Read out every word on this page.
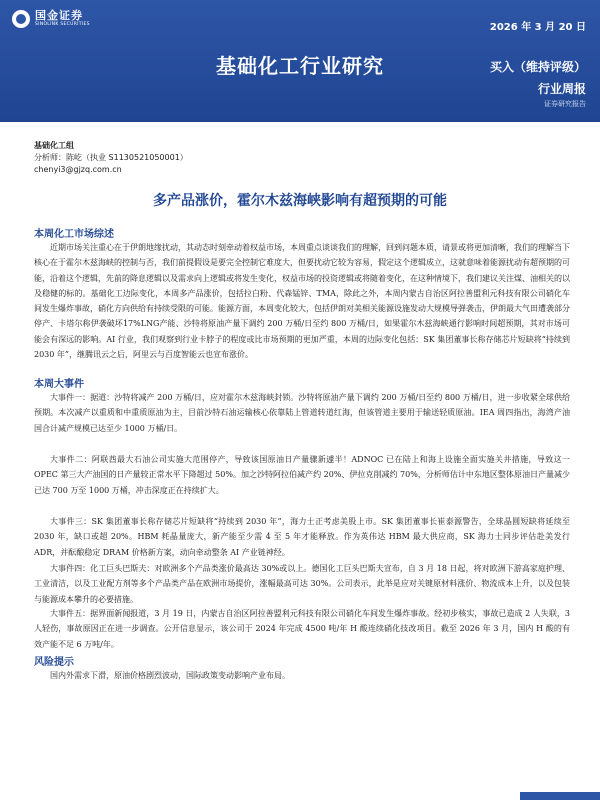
国金证券
SINOLINK SECURITIES	2026 年 3 月 20 日
基础化工行业研究	买入（维持评级）
行业周报
证券研究报告
基础化工组
分析师：陈屹（执业 S1130521050001）
chenyi3@gjzq.com.cn
多产品涨价，霍尔木兹海峡影响有超预期的可能
本周化工市场综述
近期市场关注重心在于伊朗地缘扰动，其动态时刻牵动着权益市场，本周重点谈谈我们的理解，回到问题本质，请景或将更加清晰，我们的理解当下核心在于霍尔木兹海峡的控制与否，我们前提假设是要完全控制它难度大，但要扰动它较为容易，假定这个逻辑成立，这就意味着能源扰动有超预期的可能，沿着这个逻辑，先前的降息逻辑以及需求向上逻辑或将发生变化，权益市场的投资逻辑或将随着变化，在这种情境下，我们建议关注煤、油相关的以及稳健的标的。基础化工边际变化，本周多产品涨价，包括拉白粉、代森锰锌、TMA，除此之外，本周内蒙古自治区阿拉善盟利元科技有限公司硝化车间发生爆炸事故，硝化方向供给有持续受限的可能。能源方面，本周变化较大，包括伊朗对美相关能源设施发动大规模导弹袭击，伊朗最大气田遭袭部分停产、卡塔尔称伊袭破坏17%LNG产能、沙特将原油产量下调约 200 万桶/日至约 800 万桶/日，如果霍尔木兹海峡通行影响时间超预期，其对市场可能会有深远的影响。AI 行业，我们观察到行业卡脖子的程度或比市场预期的更加严重，本周的边际变化包括：SK 集团董事长称存储芯片短缺将“持续到 2030 年”，继腾讯云之后，阿里云与百度智能云也宣布涨价。
本周大事件
大事件一：据道：沙特将减产 200 万桶/日，应对霍尔木兹海峡封锁。沙特将原油产量下调约 200 万桶/日至约 800 万桶/日，进一步收紧全球供给预期。本次减产以重质和中重质原油为主，目前沙特石油运输核心依靠陆上管道转道红海，但该管道主要用于输送轻质原油。IEA 周四指出，海湾产油国合计减产规模已达至少 1000 万桶/日。
大事件二：阿联酋最大石油公司实施大范围停产，导致该国原油日产量骤新遽半！ADNOC 已在陆上和海上设施全面实施关井措施，导致这一 OPEC 第三大产油国的日产量较正常水平下降超过 50%。加之沙特阿拉伯减产约 20%、伊拉克削减约 70%，分析师估计中东地区整体原油日产量减少已达 700 万至 1000 万桶，冲击深度正在持续扩大。
大事件三：SK 集团董事长称存储芯片短缺将“持续到 2030 年”，海力士正考虑美股上市。SK 集团董事长崔泰源警告，全球晶圆短缺将延续至 2030 年，缺口或超 20%。HBM 耗晶量庞大，新产能至少需 4 至 5 年才能释放。作为英伟达 HBM 最大供应商，SK 海力士同步评估赴美发行 ADR，并酝酿稳定 DRAM 价格新方案，动向牵动整条 AI 产业链神经。
大事件四：化工巨头巴斯夫：对欧洲多个产品类涨价最高达 30%或以上。德国化工巨头巴斯夫宣布，自 3 月 18 日起，将对欧洲下游高家庭护理、工业清洁，以及工业配方剂等多个产品类产品在欧洲市场提价，涨幅最高可达 30%。公司表示，此举是应对关键原材料涨价、物流成本上升，以及包装与能源成本攀升的必要措施。
大事件五：据界面新闻报道，3 月 19 日，内蒙古自治区阿拉善盟利元科技有限公司硝化车间发生爆炸事故。经初步核实，事故已造成 2 人失联，3 人轻伤，事故原因正在进一步调查。公开信息显示，该公司于 2024 年完成 4500 吨/年 H 酸连续硝化技改项目。截至 2026 年 3 月，国内 H 酸的有效产能不足 6 万吨/年。
风险提示
国内外需求下滑，原油价格剧烈波动，国际政策变动影响产业布局。
